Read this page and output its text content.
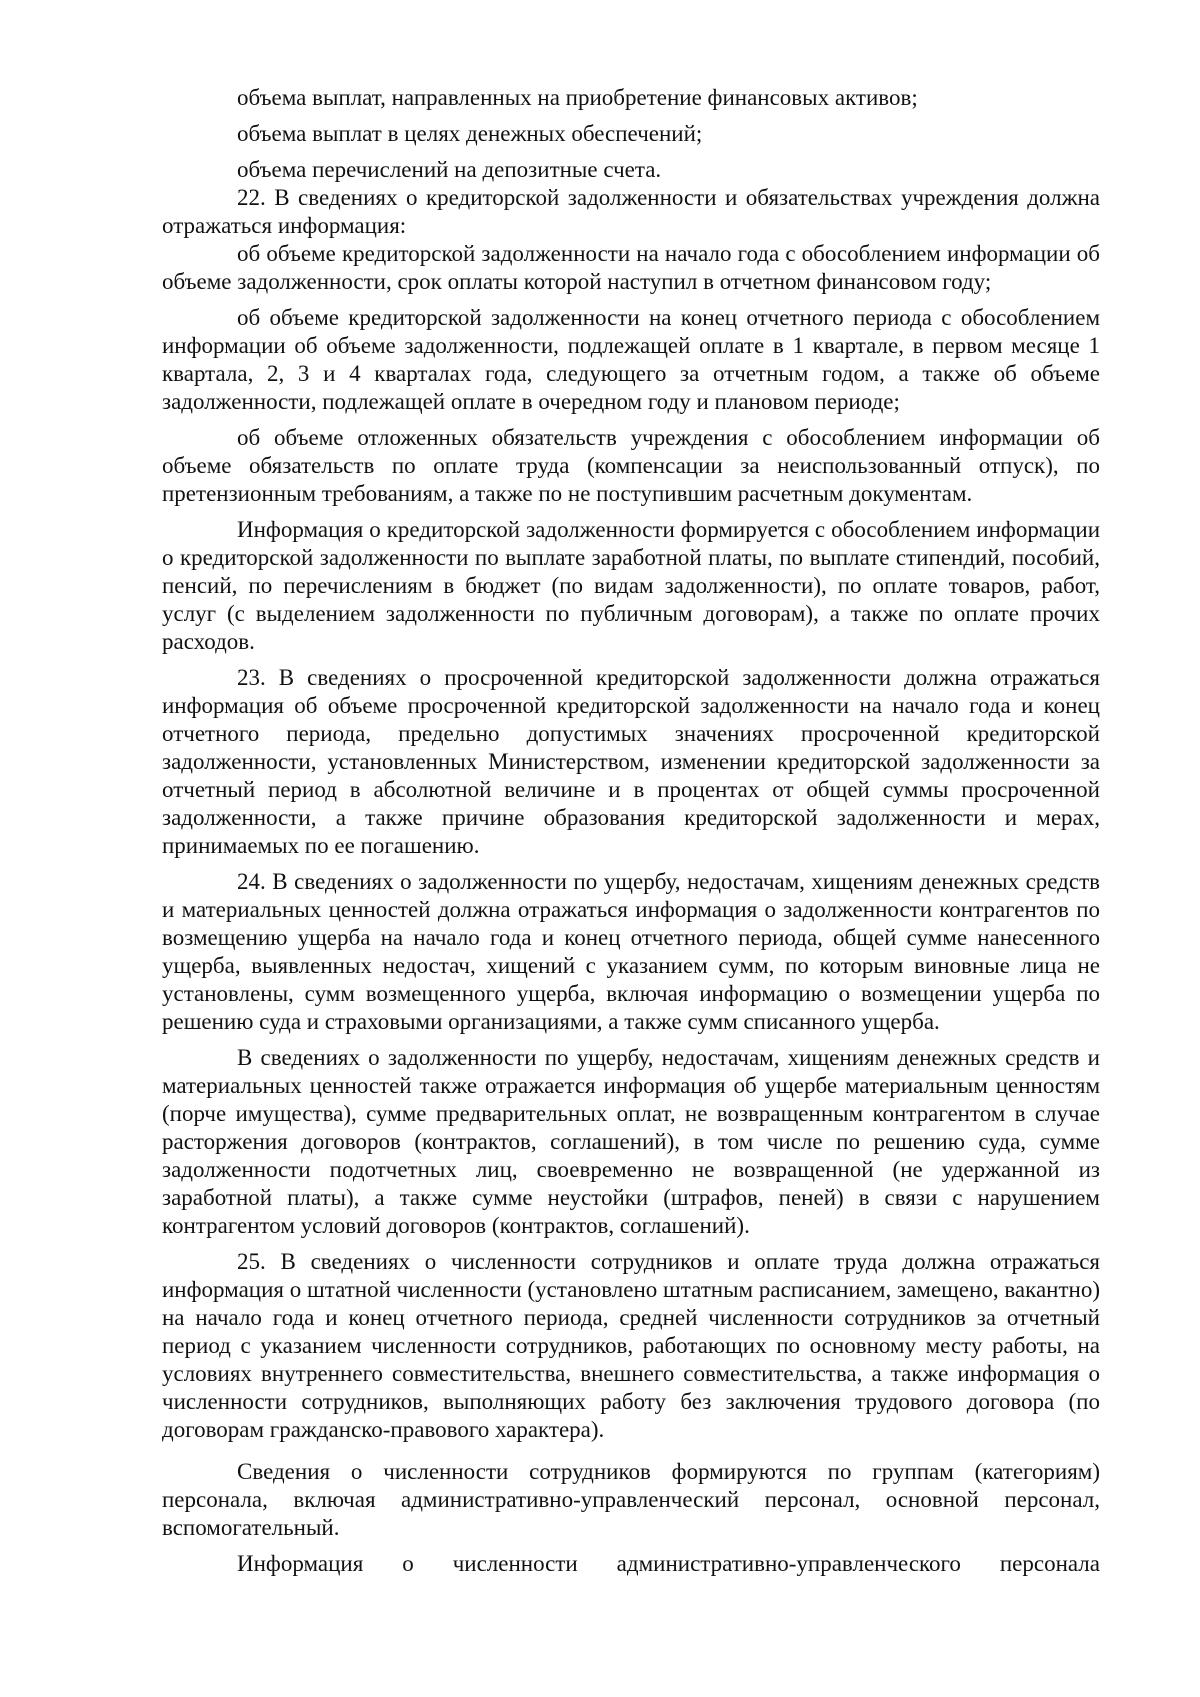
объема выплат, направленных на приобретение финансовых активов;

объема выплат в целях денежных обеспечений;

объема перечислений на депозитные счета.

22. В сведениях о кредиторской задолженности и обязательствах учреждения должна отражаться информация:

об объеме кредиторской задолженности на начало года с обособлением информации об объеме задолженности, срок оплаты которой наступил в отчетном финансовом году;

об объеме кредиторской задолженности на конец отчетного периода с обособлением информации об объеме задолженности, подлежащей оплате в 1 квартале, в первом месяце 1 квартала, 2, 3 и 4 кварталах года, следующего за отчетным годом, а также об объеме задолженности, подлежащей оплате в очередном году и плановом периоде;

об объеме отложенных обязательств учреждения с обособлением информации об объеме обязательств по оплате труда (компенсации за неиспользованный отпуск), по претензионным требованиям, а также по не поступившим расчетным документам.

Информация о кредиторской задолженности формируется с обособлением информации о кредиторской задолженности по выплате заработной платы, по выплате стипендий, пособий, пенсий, по перечислениям в бюджет (по видам задолженности), по оплате товаров, работ, услуг (с выделением задолженности по публичным договорам), а также по оплате прочих расходов.

23. В сведениях о просроченной кредиторской задолженности должна отражаться информация об объеме просроченной кредиторской задолженности на начало года и конец отчетного периода, предельно допустимых значениях просроченной кредиторской задолженности, установленных Министерством, изменении кредиторской задолженности за отчетный период в абсолютной величине и в процентах от общей суммы просроченной задолженности, а также причине образования кредиторской задолженности и мерах, принимаемых по ее погашению.

24. В сведениях о задолженности по ущербу, недостачам, хищениям денежных средств и материальных ценностей должна отражаться информация о задолженности контрагентов по возмещению ущерба на начало года и конец отчетного периода, общей сумме нанесенного ущерба, выявленных недостач, хищений с указанием сумм, по которым виновные лица не установлены, сумм возмещенного ущерба, включая информацию о возмещении ущерба по решению суда и страховыми организациями, а также сумм списанного ущерба.

В сведениях о задолженности по ущербу, недостачам, хищениям денежных средств и материальных ценностей также отражается информация об ущербе материальным ценностям (порче имущества), сумме предварительных оплат, не возвращенным контрагентом в случае расторжения договоров (контрактов, соглашений), в том числе по решению суда, сумме задолженности подотчетных лиц, своевременно не возвращенной (не удержанной из заработной платы), а также сумме неустойки (штрафов, пеней) в связи с нарушением контрагентом условий договоров (контрактов, соглашений).

25. В сведениях о численности сотрудников и оплате труда должна отражаться информация о штатной численности (установлено штатным расписанием, замещено, вакантно) на начало года и конец отчетного периода, средней численности сотрудников за отчетный период с указанием численности сотрудников, работающих по основному месту работы, на условиях внутреннего совместительства, внешнего совместительства, а также информация о численности сотрудников, выполняющих работу без заключения трудового договора (по договорам гражданско-правового характера).

Сведения о численности сотрудников формируются по группам (категориям) персонала, включая административно-управленческий персонал, основной персонал, вспомогательный.

Информация о численности административно-управленческого персонала
